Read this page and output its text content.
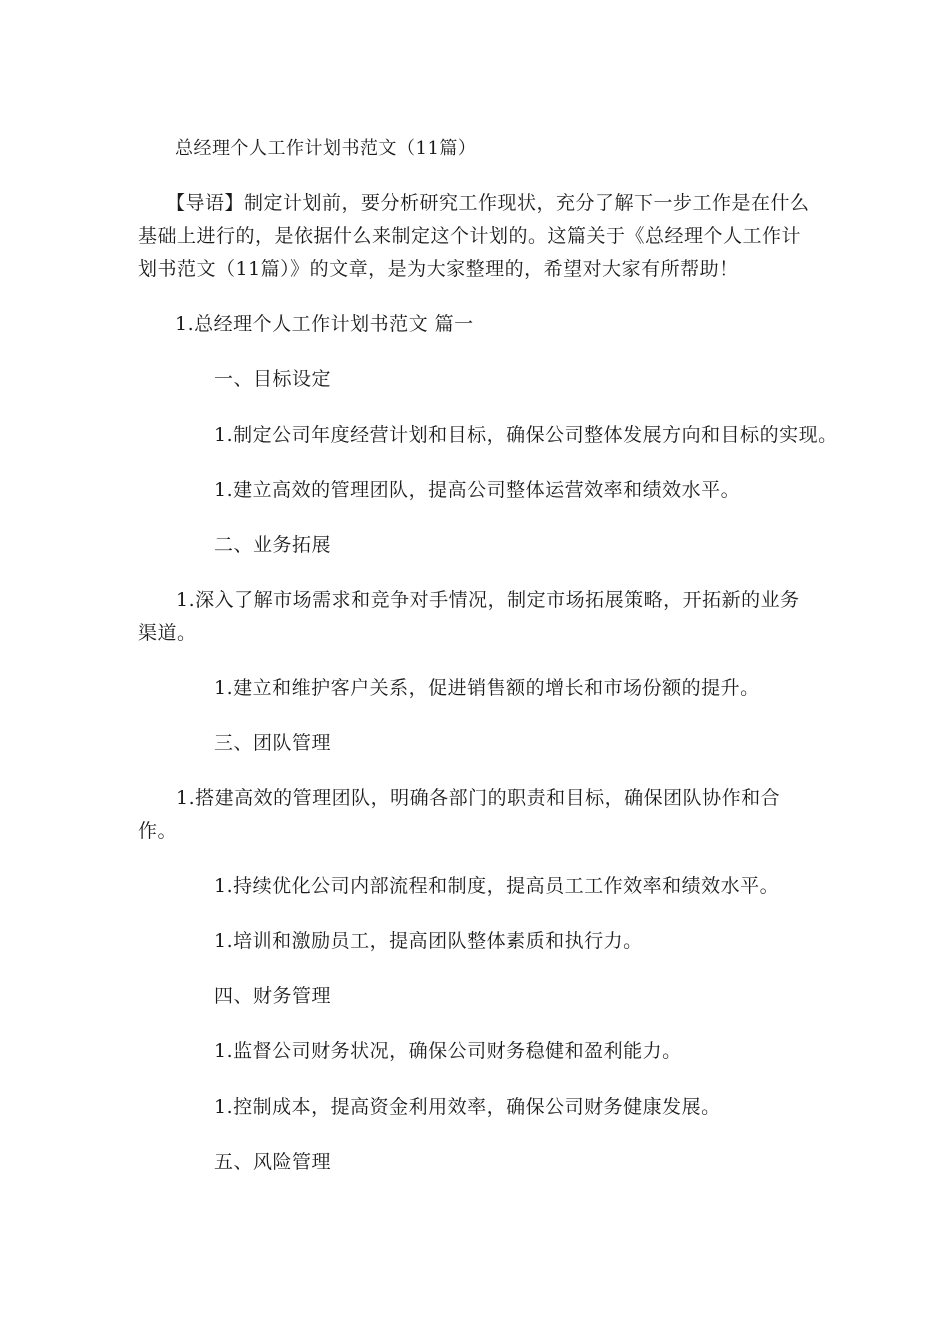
总经理个人工作计划书范文（11篇）

【导语】制定计划前，要分析研究工作现状，充分了解下一步工作是在什么基础上进行的，是依据什么来制定这个计划的。这篇关于《总经理个人工作计划书范文（11篇）》的文章，是为大家整理的，希望对大家有所帮助！

1.总经理个人工作计划书范文 篇一
一、目标设定
1.制定公司年度经营计划和目标，确保公司整体发展方向和目标的实现。
1.建立高效的管理团队，提高公司整体运营效率和绩效水平。
二、业务拓展

1.深入了解市场需求和竞争对手情况，制定市场拓展策略，开拓新的业务渠道。

1.建立和维护客户关系，促进销售额的增长和市场份额的提升。
三、团队管理

1.搭建高效的管理团队，明确各部门的职责和目标，确保团队协作和合作。

1.持续优化公司内部流程和制度，提高员工工作效率和绩效水平。
1.培训和激励员工，提高团队整体素质和执行力。
四、财务管理
1.监督公司财务状况，确保公司财务稳健和盈利能力。
1.控制成本，提高资金利用效率，确保公司财务健康发展。
五、风险管理
